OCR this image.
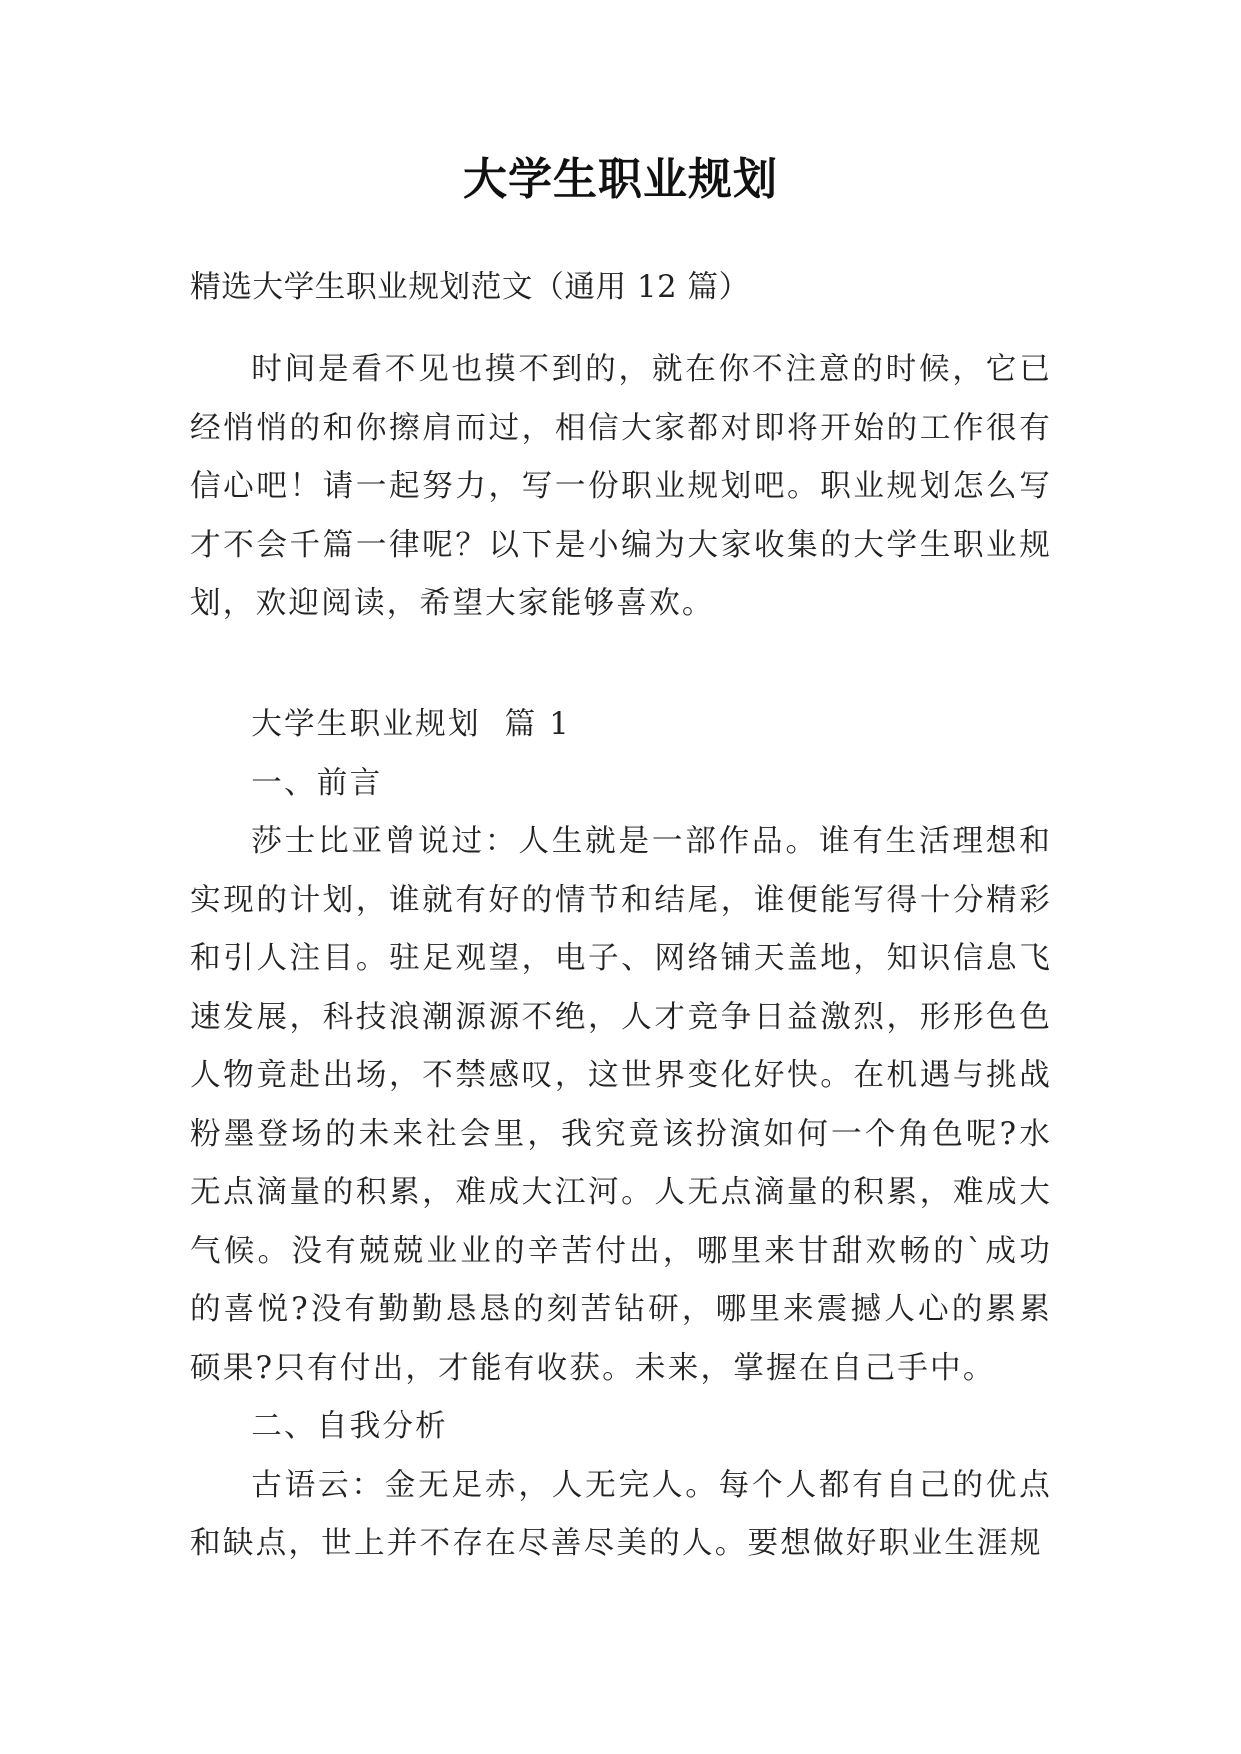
大学生职业规划
精选大学生职业规划范文（通用 12 篇）

时间是看不见也摸不到的，就在你不注意的时候，它已经悄悄的和你擦肩而过，相信大家都对即将开始的工作很有信心吧！请一起努力，写一份职业规划吧。职业规划怎么写才不会千篇一律呢？以下是小编为大家收集的大学生职业规划，欢迎阅读，希望大家能够喜欢。

大学生职业规划  篇 1

一、前言

莎士比亚曾说过：人生就是一部作品。谁有生活理想和实现的计划，谁就有好的情节和结尾，谁便能写得十分精彩和引人注目。驻足观望，电子、网络铺天盖地，知识信息飞速发展，科技浪潮源源不绝，人才竞争日益激烈，形形色色人物竟赴出场，不禁感叹，这世界变化好快。在机遇与挑战粉墨登场的未来社会里，我究竟该扮演如何一个角色呢?水无点滴量的积累，难成大江河。人无点滴量的积累，难成大气候。没有兢兢业业的辛苦付出，哪里来甘甜欢畅的`成功的喜悦?没有勤勤恳恳的刻苦钻研，哪里来震撼人心的累累硕果?只有付出，才能有收获。未来，掌握在自己手中。

二、自我分析

古语云：金无足赤，人无完人。每个人都有自己的优点和缺点，世上并不存在尽善尽美的人。要想做好职业生涯规
